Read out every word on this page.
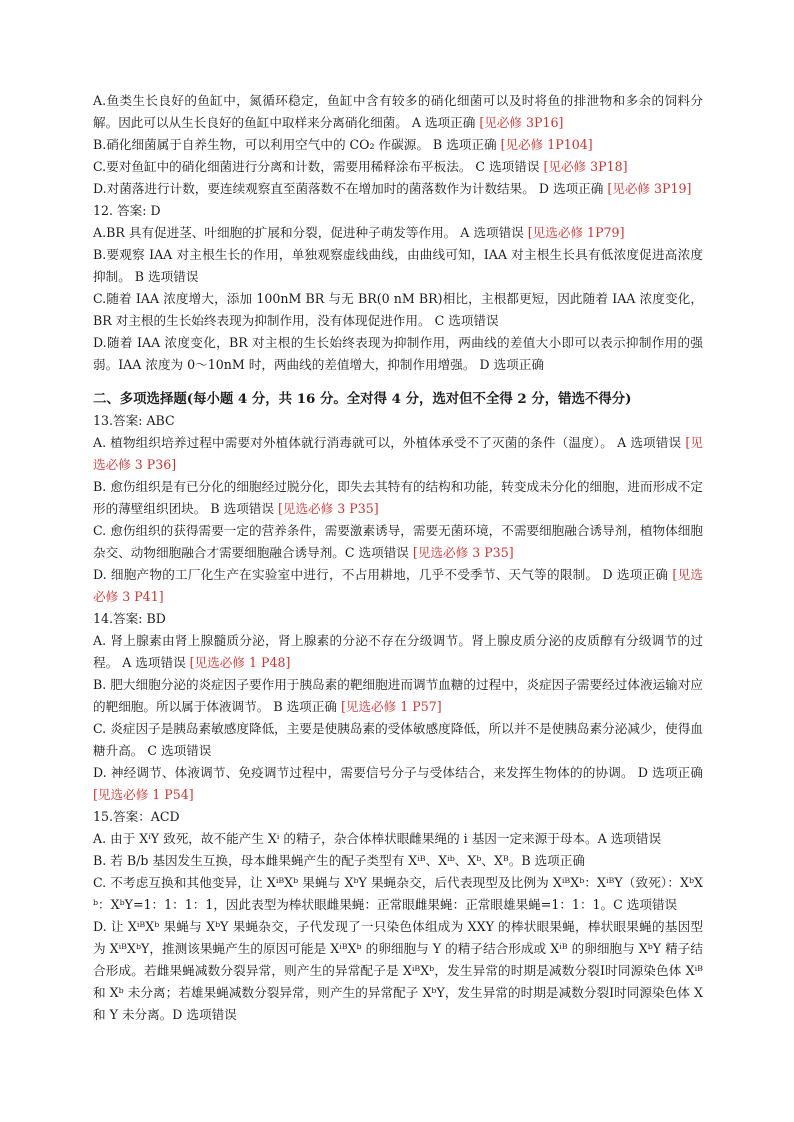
A.鱼类生长良好的鱼缸中，氮循环稳定，鱼缸中含有较多的硝化细菌可以及时将鱼的排泄物和多余的饲料分解。因此可以从生长良好的鱼缸中取样来分离硝化细菌。 A 选项正确 [见必修 3P16]

B.硝化细菌属于自养生物，可以利用空气中的 CO₂ 作碳源。 B 选项正确 [见必修 1P104]

C.要对鱼缸中的硝化细菌进行分离和计数，需要用稀释涂布平板法。 C 选项错误 [见必修 3P18]

D.对菌落进行计数，要连续观察直至菌落数不在增加时的菌落数作为计数结果。 D 选项正确 [见必修 3P19]

12. 答案: D

A.BR 具有促进茎、叶细胞的扩展和分裂，促进种子萌发等作用。 A 选项错误 [见选必修 1P79]

B.要观察 IAA 对主根生长的作用，单独观察虚线曲线，由曲线可知，IAA 对主根生长具有低浓度促进高浓度抑制。 B 选项错误

C.随着 IAA 浓度增大，添加 100nM BR 与无 BR(0 nM BR)相比，主根都更短，因此随着 IAA 浓度变化，BR 对主根的生长始终表现为抑制作用，没有体现促进作用。 C 选项错误

D.随着 IAA 浓度变化，BR 对主根的生长始终表现为抑制作用，两曲线的差值大小即可以表示抑制作用的强弱。IAA 浓度为 0～10nM 时，两曲线的差值增大，抑制作用增强。 D 选项正确

二、多项选择题(每小题 4 分，共 16 分。全对得 4 分，选对但不全得 2 分，错选不得分)

13.答案: ABC

A. 植物组织培养过程中需要对外植体就行消毒就可以，外植体承受不了灭菌的条件（温度）。 A 选项错误 [见选必修 3 P36]

B. 愈伤组织是有已分化的细胞经过脱分化，即失去其特有的结构和功能，转变成未分化的细胞，进而形成不定形的薄壁组织团块。 B 选项错误 [见选必修 3 P35]

C. 愈伤组织的获得需要一定的营养条件，需要激素诱导，需要无菌环境，不需要细胞融合诱导剂，植物体细胞杂交、动物细胞融合才需要细胞融合诱导剂。C 选项错误 [见选必修 3 P35]

D. 细胞产物的工厂化生产在实验室中进行，不占用耕地，几乎不受季节、天气等的限制。 D 选项正确 [见选必修 3 P41]

14.答案: BD

A. 肾上腺素由肾上腺髓质分泌，肾上腺素的分泌不存在分级调节。肾上腺皮质分泌的皮质醇有分级调节的过程。 A 选项错误 [见选必修 1 P48]

B. 肥大细胞分泌的炎症因子要作用于胰岛素的靶细胞进而调节血糖的过程中，炎症因子需要经过体液运输对应的靶细胞。所以属于体液调节。 B 选项正确 [见选必修 1 P57]

C. 炎症因子是胰岛素敏感度降低，主要是使胰岛素的受体敏感度降低，所以并不是使胰岛素分泌减少，使得血糖升高。 C 选项错误

D. 神经调节、体液调节、免疫调节过程中，需要信号分子与受体结合，来发挥生物体的的协调。 D 选项正确 [见选必修 1 P54]

15.答案：ACD

A. 由于 XⁱY 致死，故不能产生 Xⁱ 的精子，杂合体棒状眼雌果绳的 i 基因一定来源于母本。A 选项错误

B. 若 B/b 基因发生互换，母本雌果蝇产生的配子类型有 Xⁱᴮ、Xⁱᵇ、Xᵇ、Xᴮ。B 选项正确

C. 不考虑互换和其他变异，让 XⁱᴮXᵇ 果蝇与 XᵇY 果蝇杂交，后代表现型及比例为 XⁱᴮXᵇ：XⁱᴮY（致死）：XᵇXᵇ：XᵇY=1：1：1：1，因此表型为棒状眼雌果蝇：正常眼雌果蝇：正常眼雄果蝇=1：1：1。C 选项错误

D. 让 XⁱᴮXᵇ 果蝇与 XᵇY 果蝇杂交，子代发现了一只染色体组成为 XXY 的棒状眼果蝇，棒状眼果蝇的基因型为 XⁱᴮXᵇY，推测该果蝇产生的原因可能是 XⁱᴮXᵇ 的卵细胞与 Y 的精子结合形成或 Xⁱᴮ 的卵细胞与 XᵇY 精子结合形成。若雌果蝇减数分裂异常，则产生的异常配子是 XⁱᴮXᵇ，发生异常的时期是减数分裂Ⅰ时同源染色体 Xⁱᴮ 和 Xᵇ 未分离；若雄果蝇减数分裂异常，则产生的异常配子 XᵇY，发生异常的时期是减数分裂Ⅰ时同源染色体 X 和 Y 未分离。D 选项错误
